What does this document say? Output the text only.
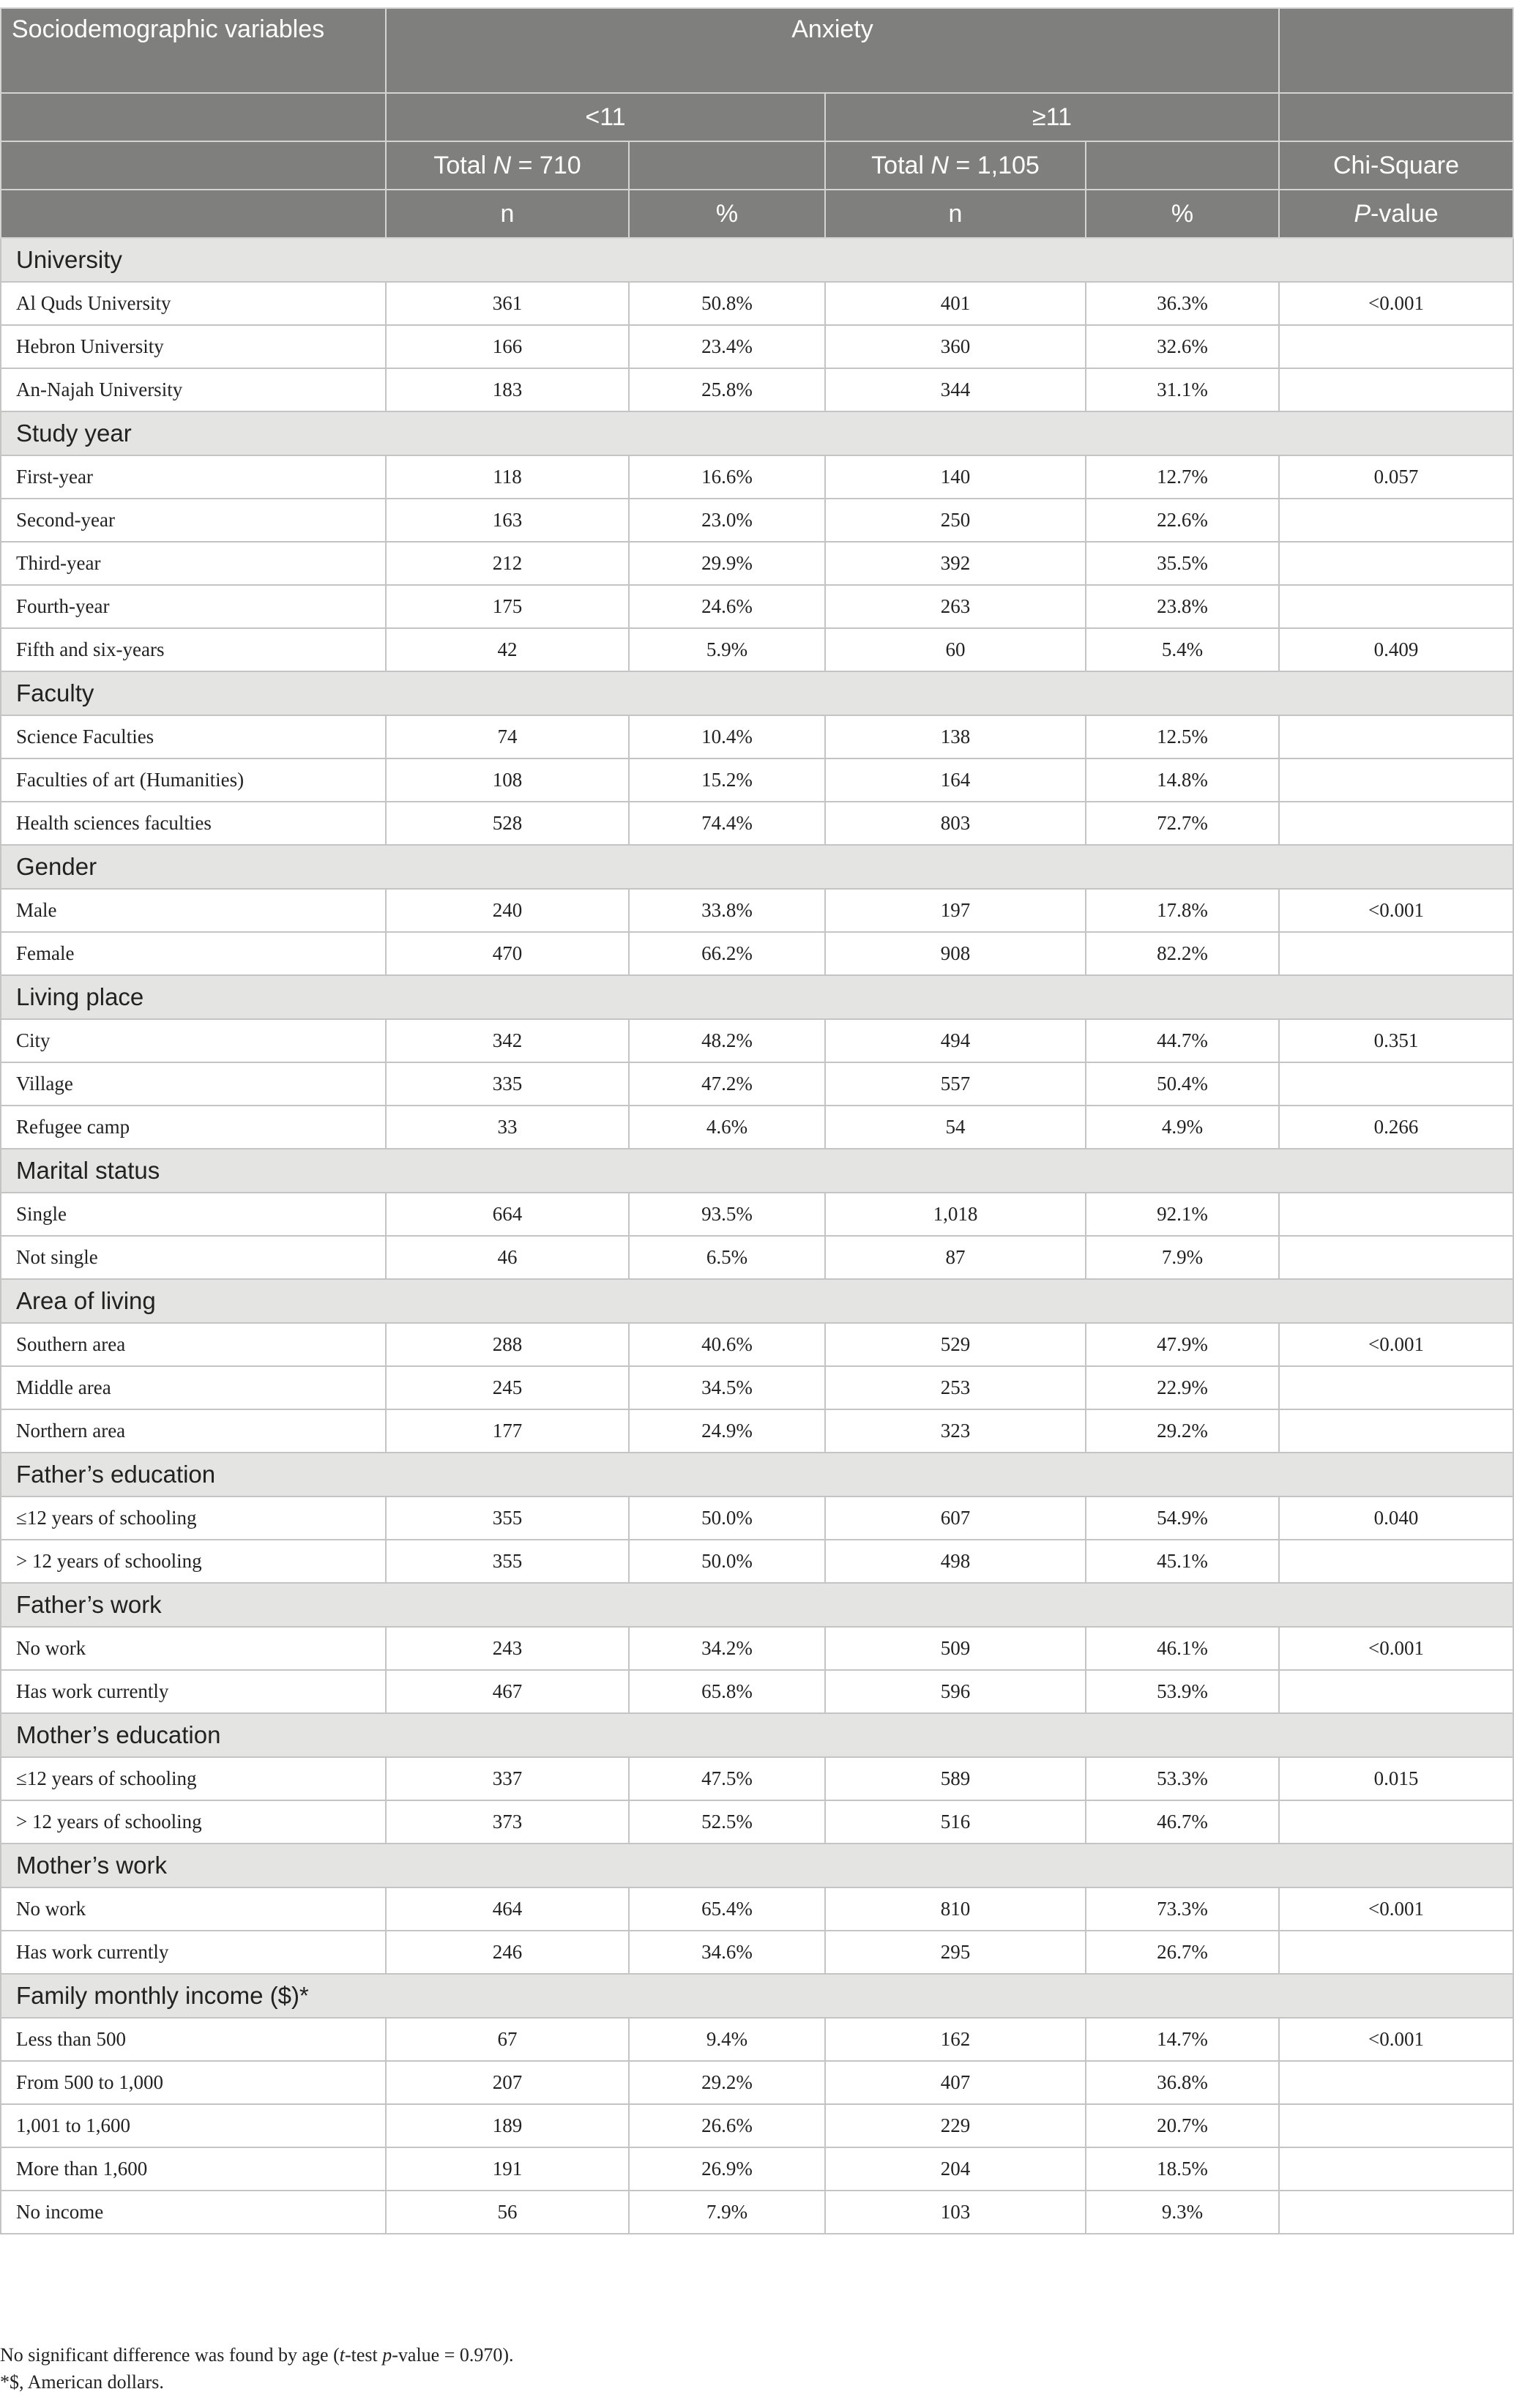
Sociodemographic variables	Anxiety				
	<11		≥11		
	Total N = 710		Total N = 1,105		Chi-Square
	n	%	n	%	P-value
University					
Al Quds University	361	50.8%	401	36.3%	<0.001
Hebron University	166	23.4%	360	32.6%	
An-Najah University	183	25.8%	344	31.1%	
Study year					
First-year	118	16.6%	140	12.7%	0.057
Second-year	163	23.0%	250	22.6%	
Third-year	212	29.9%	392	35.5%	
Fourth-year	175	24.6%	263	23.8%	
Fifth and six-years	42	5.9%	60	5.4%	0.409
Faculty					
Science Faculties	74	10.4%	138	12.5%	
Faculties of art (Humanities)	108	15.2%	164	14.8%	
Health sciences faculties	528	74.4%	803	72.7%	
Gender					
Male	240	33.8%	197	17.8%	<0.001
Female	470	66.2%	908	82.2%	
Living place					
City	342	48.2%	494	44.7%	0.351
Village	335	47.2%	557	50.4%	
Refugee camp	33	4.6%	54	4.9%	0.266
Marital status					
Single	664	93.5%	1,018	92.1%	
Not single	46	6.5%	87	7.9%	
Area of living					
Southern area	288	40.6%	529	47.9%	<0.001
Middle area	245	34.5%	253	22.9%	
Northern area	177	24.9%	323	29.2%	
Father’s education					
≤12 years of schooling	355	50.0%	607	54.9%	0.040
> 12 years of schooling	355	50.0%	498	45.1%	
Father’s work					
No work	243	34.2%	509	46.1%	<0.001
Has work currently	467	65.8%	596	53.9%	
Mother’s education					
≤12 years of schooling	337	47.5%	589	53.3%	0.015
> 12 years of schooling	373	52.5%	516	46.7%	
Mother’s work					
No work	464	65.4%	810	73.3%	<0.001
Has work currently	246	34.6%	295	26.7%	
Family monthly income ($)*					
Less than 500	67	9.4%	162	14.7%	<0.001
From 500 to 1,000	207	29.2%	407	36.8%	
1,001 to 1,600	189	26.6%	229	20.7%	
More than 1,600	191	26.9%	204	18.5%	
No income	56	7.9%	103	9.3%	
No significant difference was found by age (t-test p-value = 0.970).
*$, American dollars.
